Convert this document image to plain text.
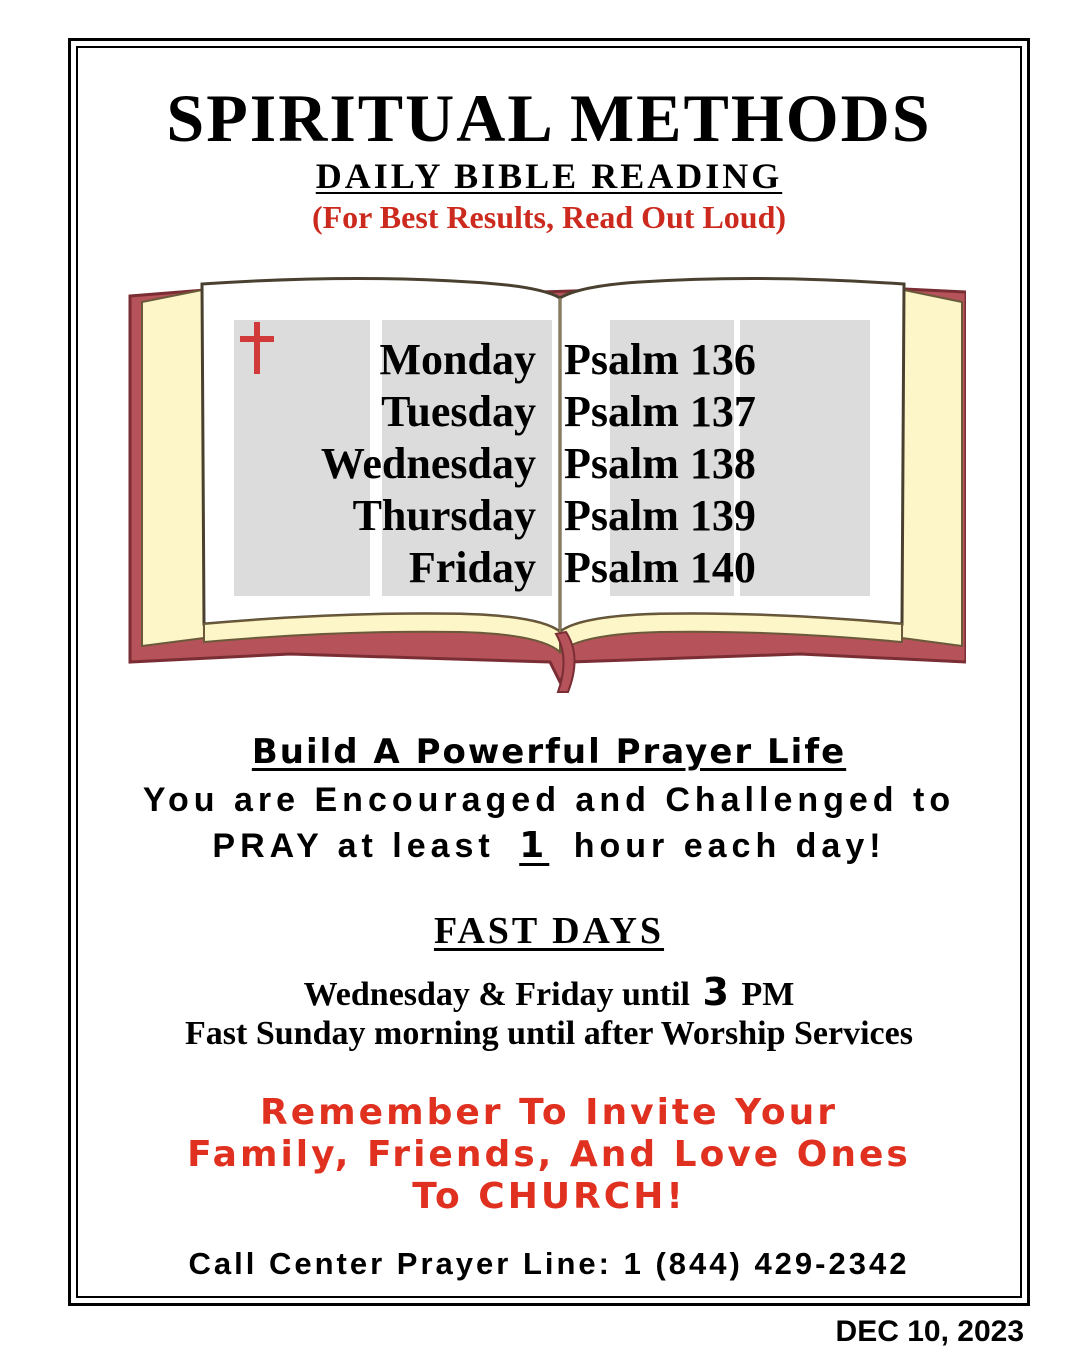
SPIRITUAL METHODS
DAILY BIBLE READING
(For Best Results, Read Out Loud)
Monday Psalm 136
Tuesday Psalm 137
Wednesday Psalm 138
Thursday Psalm 139
Friday Psalm 140
Build A Powerful Prayer Life
You are Encouraged and Challenged to
PRAY at least 1 hour each day!
FAST DAYS
Wednesday & Friday until 3 PM
Fast Sunday morning until after Worship Services
Remember To Invite Your
Family, Friends, And Love Ones
To CHURCH!
Call Center Prayer Line: 1 (844) 429-2342
DEC 10, 2023
